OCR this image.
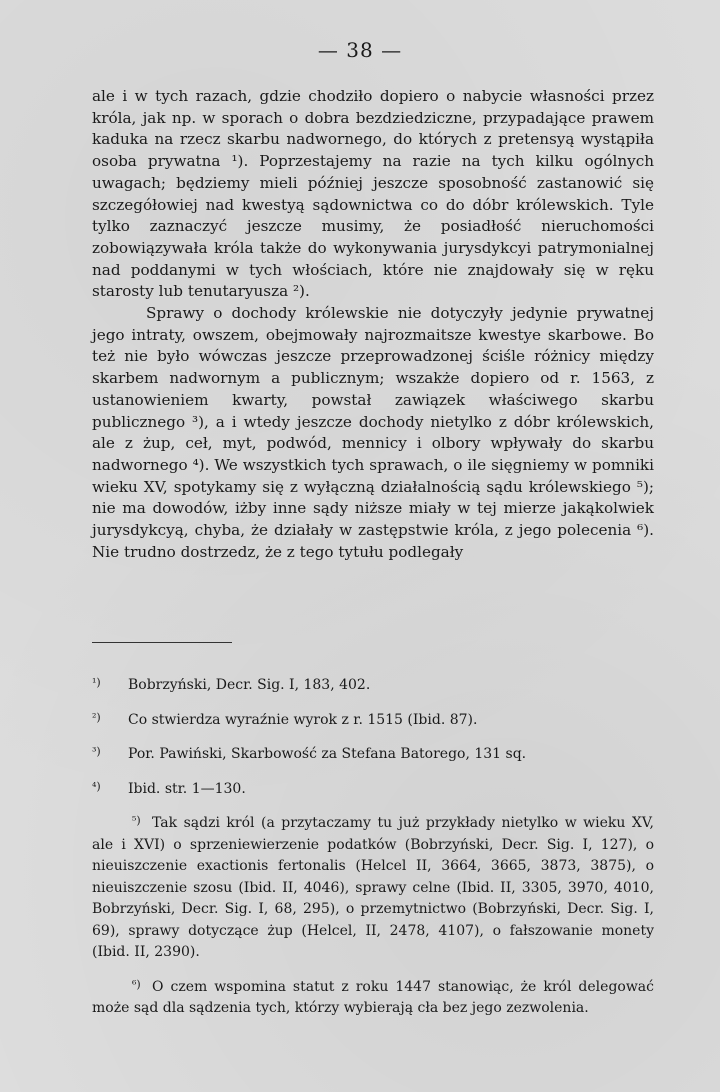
— 38 —

ale i w tych razach, gdzie chodziło dopiero o nabycie własności przez króla, jak np. w sporach o dobra bezdziedziczne, przypadające prawem kaduka na rzecz skarbu nadwornego, do których z pretensyą wystąpiła osoba prywatna ¹). Poprzestajemy na razie na tych kilku ogólnych uwagach; będziemy mieli później jeszcze sposobność zastanowić się szczegółowiej nad kwestyą sądownictwa co do dóbr królewskich. Tyle tylko zaznaczyć jeszcze musimy, że posiadłość nieruchomości zobowiązywała króla także do wykonywania jurysdykcyi patrymonialnej nad poddanymi w tych włościach, które nie znajdowały się w ręku starosty lub tenutaryusza ²).

Sprawy o dochody królewskie nie dotyczyły jedynie prywatnej jego intraty, owszem, obejmowały najrozmaitsze kwestye skarbowe. Bo też nie było wówczas jeszcze przeprowadzonej ściśle różnicy między skarbem nadwornym a publicznym; wszakże dopiero od r. 1563, z ustanowieniem kwarty, powstał zawiązek właściwego skarbu publicznego ³), a i wtedy jeszcze dochody nietylko z dóbr królewskich, ale z żup, ceł, myt, podwód, mennicy i olbory wpływały do skarbu nadwornego ⁴). We wszystkich tych sprawach, o ile sięgniemy w pomniki wieku XV, spotykamy się z wyłączną działalnością sądu królewskiego ⁵); nie ma dowodów, iżby inne sądy niższe miały w tej mierze jakąkolwiek jurysdykcyą, chyba, że działały w zastępstwie króla, z jego polecenia ⁶). Nie trudno dostrzedz, że z tego tytułu podlegały

¹) Bobrzyński, Decr. Sig. I, 183, 402.

²) Co stwierdza wyraźnie wyrok z r. 1515 (Ibid. 87).

³) Por. Pawiński, Skarbowość za Stefana Batorego, 131 sq.

⁴) Ibid. str. 1—130.

⁵) Tak sądzi król (a przytaczamy tu już przykłady nietylko w wieku XV, ale i XVI) o sprzeniewierzenie podatków (Bobrzyński, Decr. Sig. I, 127), o nieuiszczenie exactionis fertonalis (Helcel II, 3664, 3665, 3873, 3875), o nieuiszczenie szosu (Ibid. II, 4046), sprawy celne (Ibid. II, 3305, 3970, 4010, Bobrzyński, Decr. Sig. I, 68, 295), o przemytnictwo (Bobrzyński, Decr. Sig. I, 69), sprawy dotyczące żup (Helcel, II, 2478, 4107), o fałszowanie monety (Ibid. II, 2390).

⁶) O czem wspomina statut z roku 1447 stanowiąc, że król delegować może sąd dla sądzenia tych, którzy wybierają cła bez jego zezwolenia.
